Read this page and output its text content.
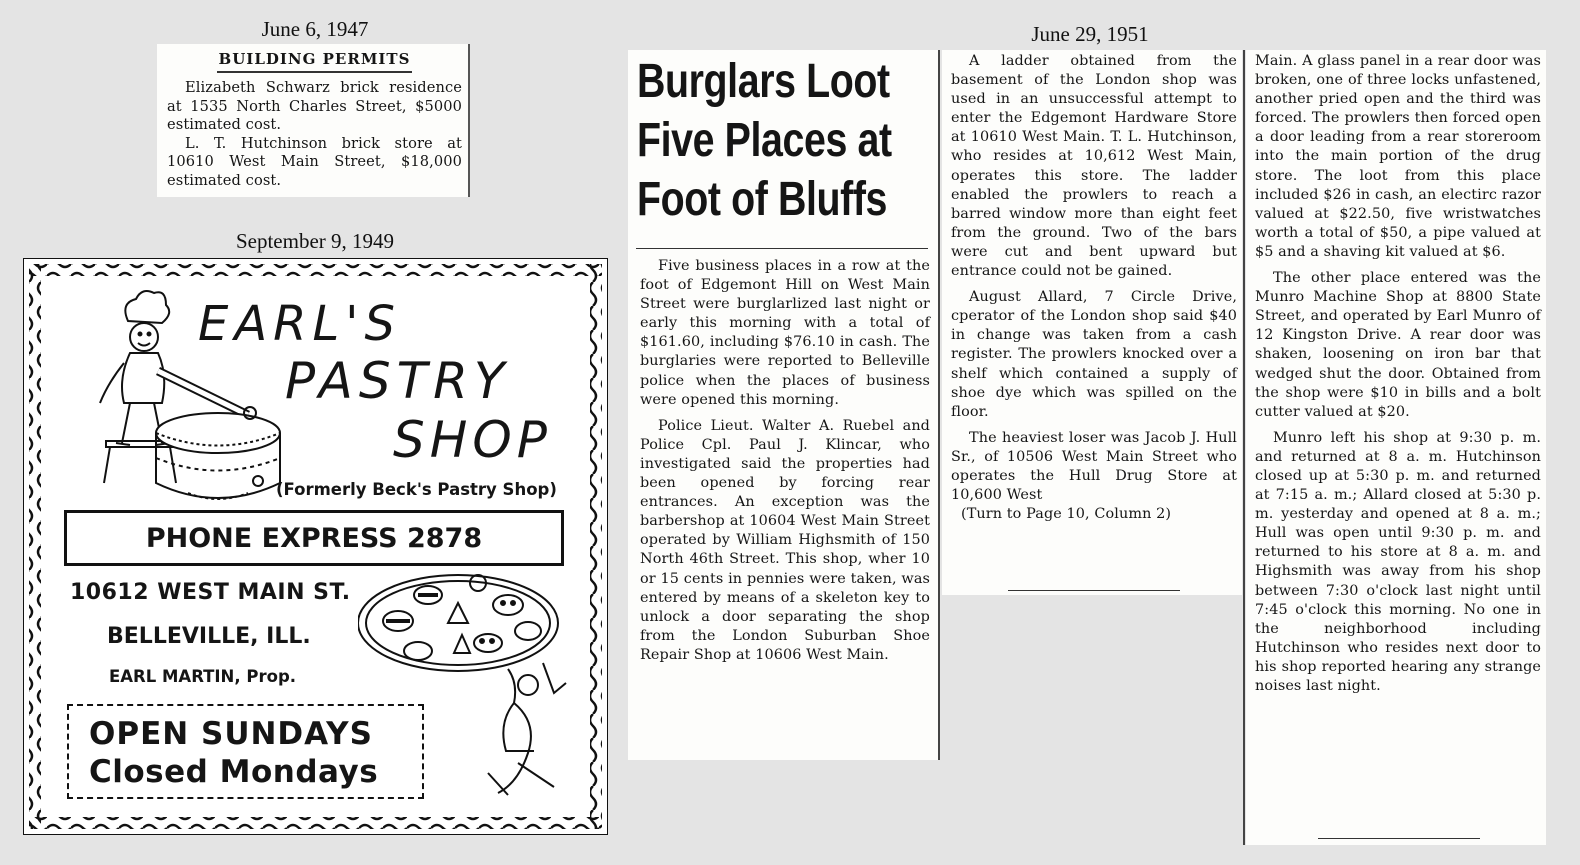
June 6, 1947
September 9, 1949
June 29, 1951
BUILDING PERMITS

Elizabeth Schwarz brick residence at 1535 North Charles Street, $5000 estimated cost.

L. T. Hutchinson brick store at 10610 West Main Street, $18,000 estimated cost.

EARL'S
PASTRY
SHOP
(Formerly Beck's Pastry Shop)
PHONE EXPRESS 2878
10612 WEST MAIN ST.
BELLEVILLE, ILL.
EARL MARTIN, Prop.
OPEN SUNDAYS
Closed Mondays
Burglars Loot
Five Places at
Foot of Bluffs

Five business places in a row at the foot of Edgemont Hill on West Main Street were burglarlized last night or early this morning with a total of $161.60, including $76.10 in cash. The burglaries were reported to Belleville police when the places of business were opened this morning.

Police Lieut. Walter A. Ruebel and Police Cpl. Paul J. Klincar, who investigated said the properties had been opened by forcing rear entrances. An exception was the barbershop at 10604 West Main Street operated by William Highsmith of 150 North 46th Street. This shop, wher 10 or 15 cents in pennies were taken, was entered by means of a skeleton key to unlock a door separating the shop from the London Suburban Shoe Repair Shop at 10606 West Main.

A ladder obtained from the basement of the London shop was used in an unsuccessful attempt to enter the Edgemont Hardware Store at 10610 West Main. T. L. Hutchinson, who resides at 10,612 West Main, operates this store. The ladder enabled the prowlers to reach a barred window more than eight feet from the ground. Two of the bars were cut and bent upward but entrance could not be gained.

August Allard, 7 Circle Drive, cperator of the London shop said $40 in change was taken from a cash register. The prowlers knocked over a shelf which contained a supply of shoe dye which was spilled on the floor.

The heaviest loser was Jacob J. Hull Sr., of 10506 West Main Street who operates the Hull Drug Store at 10,600 West

(Turn to Page 10, Column 2)

Main. A glass panel in a rear door was broken, one of three locks unfastened, another pried open and the third was forced. The prowlers then forced open a door leading from a rear storeroom into the main portion of the drug store. The loot from this place included $26 in cash, an electirc razor valued at $22.50, five wristwatches worth a total of $50, a pipe valued at $5 and a shaving kit valued at $6.

The other place entered was the Munro Machine Shop at 8800 State Street, and operated by Earl Munro of 12 Kingston Drive. A rear door was shaken, loosening on iron bar that wedged shut the door. Obtained from the shop were $10 in bills and a bolt cutter valued at $20.

Munro left his shop at 9:30 p. m. and returned at 8 a. m. Hutchinson closed up at 5:30 p. m. and returned at 7:15 a. m.; Allard closed at 5:30 p. m. yesterday and opened at 8 a. m.; Hull was open until 9:30 p. m. and returned to his store at 8 a. m. and Highsmith was away from his shop between 7:30 o'clock last night until 7:45 o'clock this morning. No one in the neighborhood including Hutchinson who resides next door to his shop reported hearing any strange noises last night.
